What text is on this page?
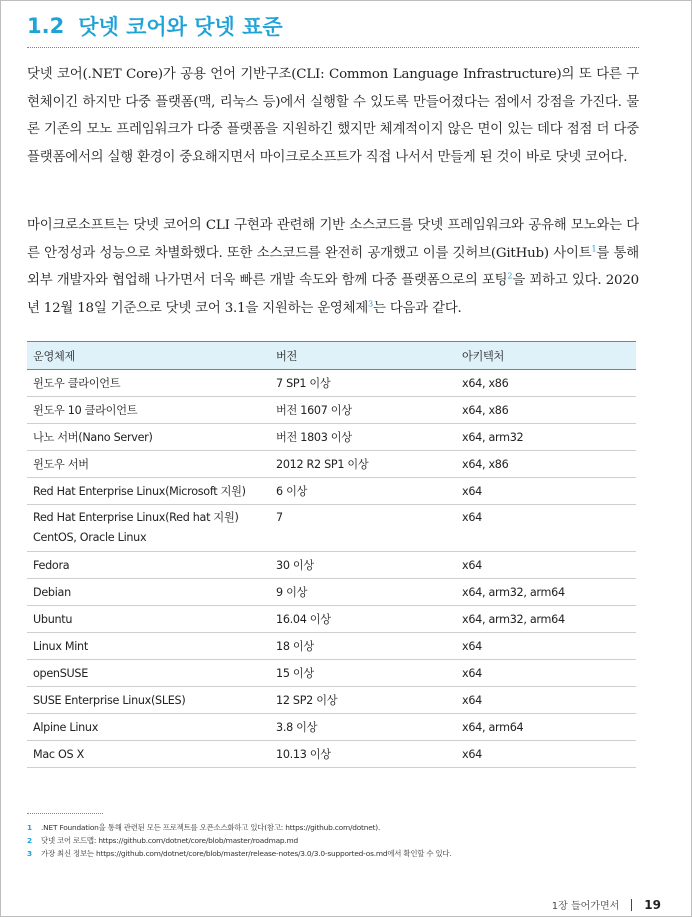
1.2 닷넷 코어와 닷넷 표준

닷넷 코어(.NET Core)가 공용 언어 기반구조(CLI: Common Language Infrastructure)의 또 다른 구현체이긴 하지만 다중 플랫폼(맥, 리눅스 등)에서 실행할 수 있도록 만들어졌다는 점에서 강점을 가진다. 물론 기존의 모노 프레임워크가 다중 플랫폼을 지원하긴 했지만 체계적이지 않은 면이 있는 데다 점점 더 다중 플랫폼에서의 실행 환경이 중요해지면서 마이크로소프트가 직접 나서서 만들게 된 것이 바로 닷넷 코어다.

마이크로소프트는 닷넷 코어의 CLI 구현과 관련해 기반 소스코드를 닷넷 프레임워크와 공유해 모노와는 다른 안정성과 성능으로 차별화했다. 또한 소스코드를 완전히 공개했고 이를 깃허브(GitHub) 사이트$^1$를 통해 외부 개발자와 협업해 나가면서 더욱 빠른 개발 속도와 함께 다중 플랫폼으로의 포팅$^2$을 꾀하고 있다. 2020년 12월 18일 기준으로 닷넷 코어 3.1을 지원하는 운영체제$^3$는 다음과 같다.

운영체제	버전	아키텍처
윈도우 클라이언트	7 SP1 이상	x64, x86
윈도우 10 클라이언트	버전 1607 이상	x64, x86
나노 서버(Nano Server)	버전 1803 이상	x64, arm32
윈도우 서버	2012 R2 SP1 이상	x64, x86
Red Hat Enterprise Linux(Microsoft 지원)	6 이상	x64

Red Hat Enterprise Linux(Red hat 지원)
CentOS, Oracle Linux	7	x64
Fedora	30 이상	x64
Debian	9 이상	x64, arm32, arm64
Ubuntu	16.04 이상	x64, arm32, arm64
Linux Mint	18 이상	x64
openSUSE	15 이상	x64
SUSE Enterprise Linux(SLES)	12 SP2 이상	x64
Alpine Linux	3.8 이상	x64, arm64
Mac OS X	10.13 이상	x64
1	.NET Foundation을 통해 관련된 모든 프로젝트를 오픈소스화하고 있다(참고: https://github.com/dotnet).
2	닷넷 코어 로드맵: https://github.com/dotnet/core/blob/master/roadmap.md
3	가장 최신 정보는 https://github.com/dotnet/core/blob/master/release-notes/3.0/3.0-supported-os.md에서 확인할 수 있다.
1장 들어가면서 19
